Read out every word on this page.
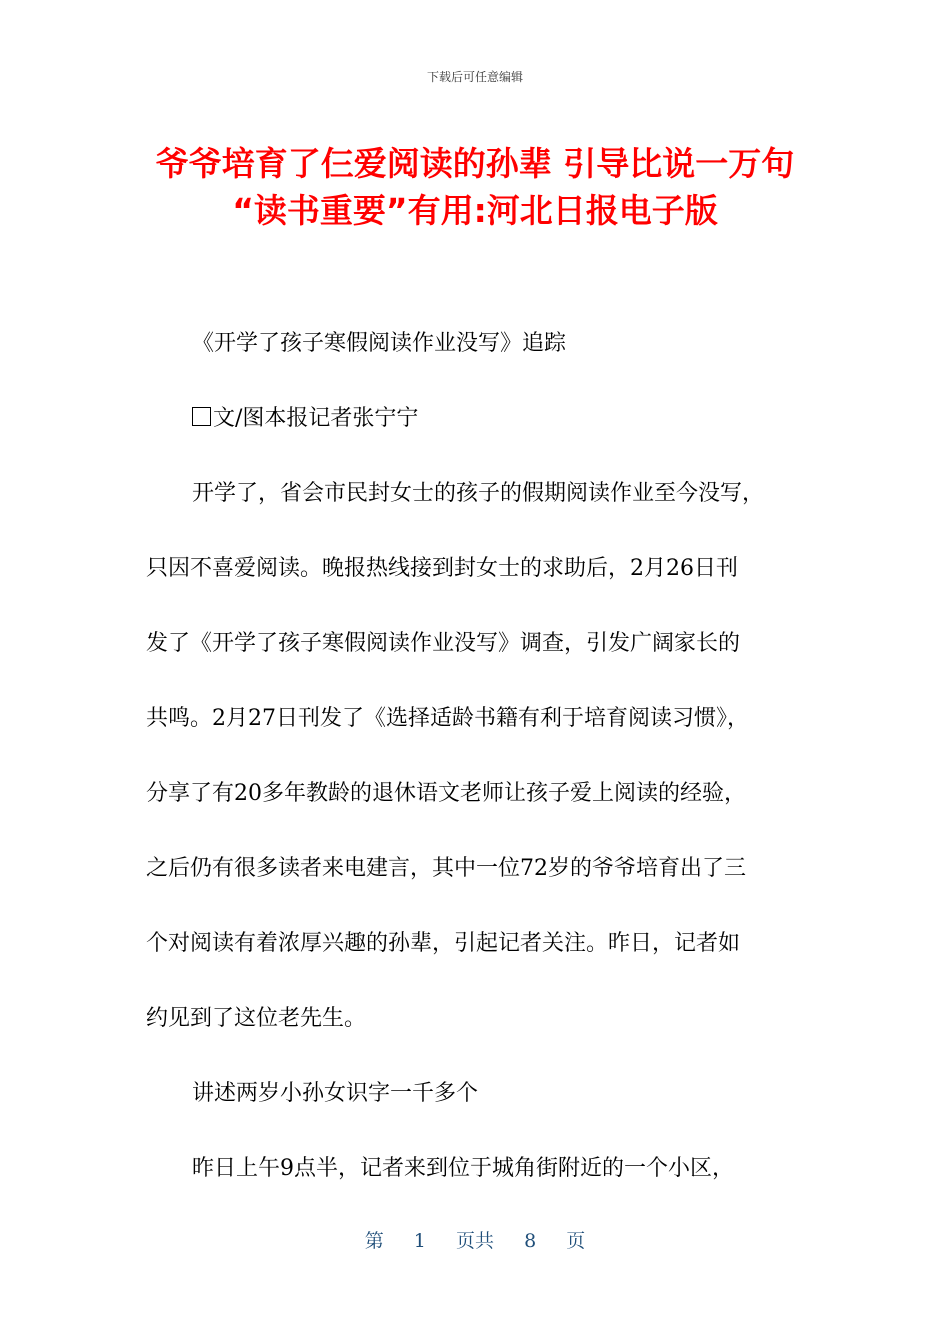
下载后可任意编辑
爷爷培育了仨爱阅读的孙辈 引导比说一万句
“读书重要”有用:河北日报电子版
《开学了孩子寒假阅读作业没写》追踪
文/图本报记者张宁宁
开学了，省会市民封女士的孩子的假期阅读作业至今没写，
只因不喜爱阅读。晚报热线接到封女士的求助后，2月26日刊
发了《开学了孩子寒假阅读作业没写》调查，引发广阔家长的
共鸣。2月27日刊发了《选择适龄书籍有利于培育阅读习惯》，
分享了有20多年教龄的退休语文老师让孩子爱上阅读的经验，
之后仍有很多读者来电建言，其中一位72岁的爷爷培育出了三
个对阅读有着浓厚兴趣的孙辈，引起记者关注。昨日，记者如
约见到了这位老先生。
讲述两岁小孙女识字一千多个
昨日上午9点半，记者来到位于城角街附近的一个小区，
第 1 页共 8 页
